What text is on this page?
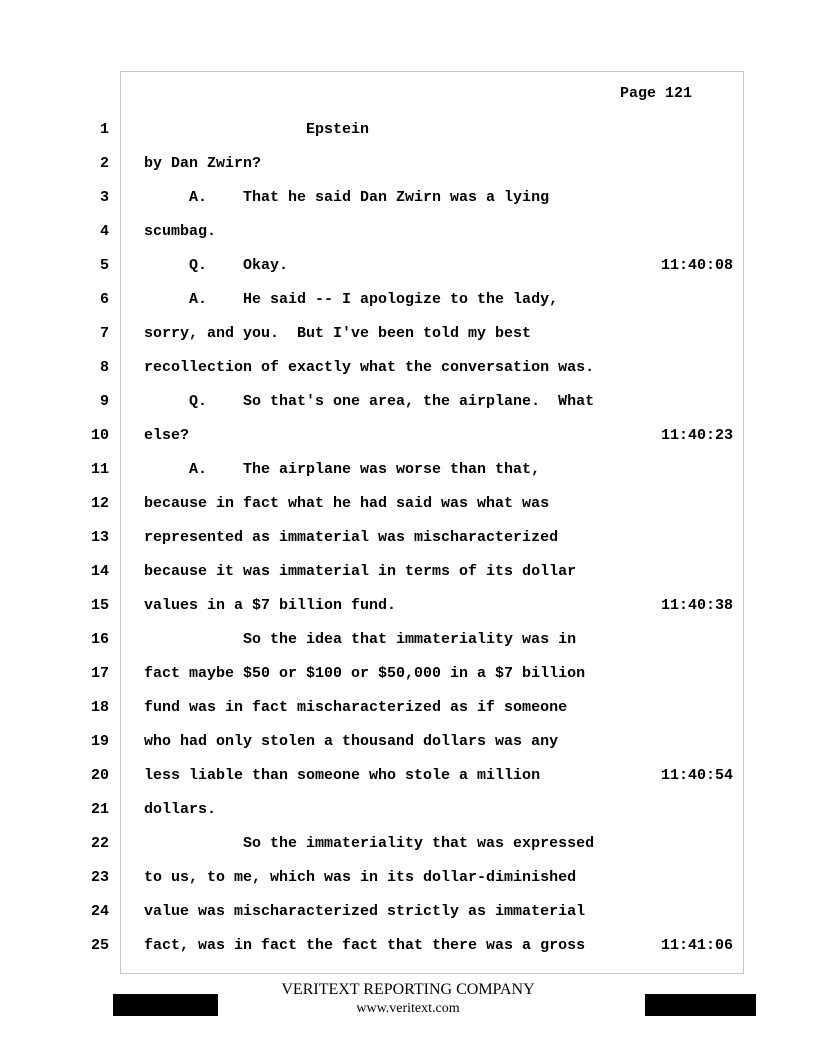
Page 121
1 Epstein
2 by Dan Zwirn?
3 A.    That he said Dan Zwirn was a lying
4 scumbag.
5 Q.    Okay.	11:40:08
6 A.    He said -- I apologize to the lady,
7 sorry, and you.  But I've been told my best
8 recollection of exactly what the conversation was.
9 Q.    So that's one area, the airplane.  What
10 else?	11:40:23
11 A.    The airplane was worse than that,
12 because in fact what he had said was what was
13 represented as immaterial was mischaracterized
14 because it was immaterial in terms of its dollar
15 values in a $7 billion fund.	11:40:38
16 So the idea that immateriality was in
17 fact maybe $50 or $100 or $50,000 in a $7 billion
18 fund was in fact mischaracterized as if someone
19 who had only stolen a thousand dollars was any
20 less liable than someone who stole a million	11:40:54
21 dollars.
22 So the immateriality that was expressed
23 to us, to me, which was in its dollar-diminished
24 value was mischaracterized strictly as immaterial
25 fact, was in fact the fact that there was a gross	11:41:06
VERITEXT REPORTING COMPANY
www.veritext.com
